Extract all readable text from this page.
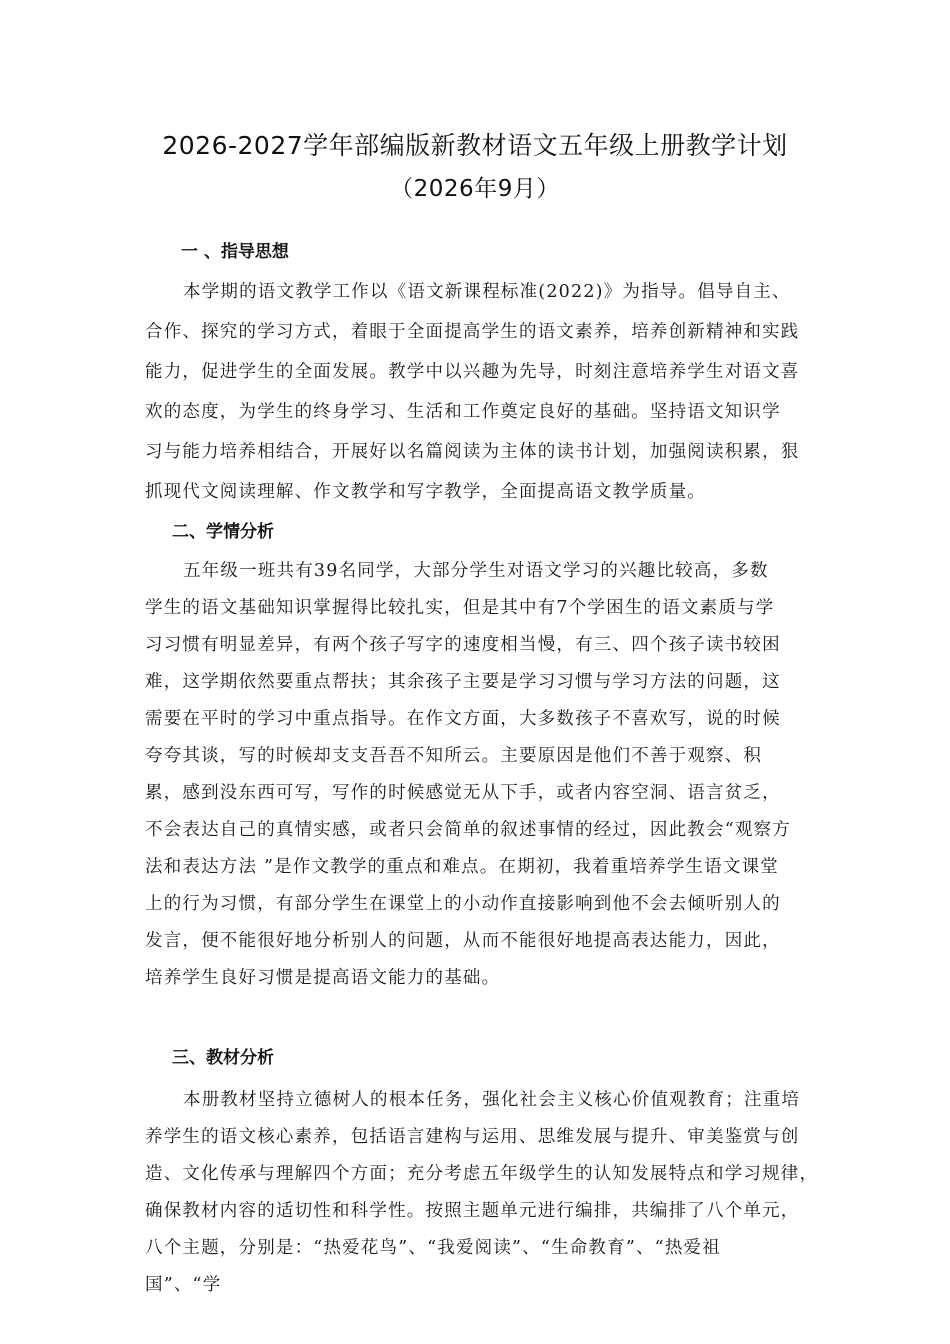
2026-2027学年部编版新教材语文五年级上册教学计划
（2026年9月）
一 、指导思想
本学期的语文教学工作以《语文新课程标准(2022)》为指导。倡导自主、
合作、探究的学习方式，着眼于全面提高学生的语文素养，培养创新精神和实践
能力，促进学生的全面发展。教学中以兴趣为先导，时刻注意培养学生对语文喜
欢的态度，为学生的终身学习、生活和工作奠定良好的基础。坚持语文知识学
习与能力培养相结合，开展好以名篇阅读为主体的读书计划，加强阅读积累，狠
抓现代文阅读理解、作文教学和写字教学，全面提高语文教学质量。
二、学情分析
五年级一班共有39名同学，大部分学生对语文学习的兴趣比较高，多数
学生的语文基础知识掌握得比较扎实，但是其中有7个学困生的语文素质与学
习习惯有明显差异，有两个孩子写字的速度相当慢，有三、四个孩子读书较困
难，这学期依然要重点帮扶；其余孩子主要是学习习惯与学习方法的问题，这
需要在平时的学习中重点指导。在作文方面，大多数孩子不喜欢写，说的时候
夸夸其谈，写的时候却支支吾吾不知所云。主要原因是他们不善于观察、积
累，感到没东西可写，写作的时候感觉无从下手，或者内容空洞、语言贫乏，
不会表达自己的真情实感，或者只会简单的叙述事情的经过，因此教会“观察方
法和表达方法 ”是作文教学的重点和难点。在期初，我着重培养学生语文课堂
上的行为习惯，有部分学生在课堂上的小动作直接影响到他不会去倾听别人的
发言，便不能很好地分析别人的问题，从而不能很好地提高表达能力，因此，
培养学生良好习惯是提高语文能力的基础。
三、教材分析
本册教材坚持立德树人的根本任务，强化社会主义核心价值观教育；注重培
养学生的语文核心素养，包括语言建构与运用、思维发展与提升、审美鉴赏与创
造、文化传承与理解四个方面；充分考虑五年级学生的认知发展特点和学习规律，
确保教材内容的适切性和科学性。按照主题单元进行编排，共编排了八个单元，
八个主题，分别是：“热爱花鸟”、“我爱阅读”、“生命教育”、“热爱祖
国”、“学
